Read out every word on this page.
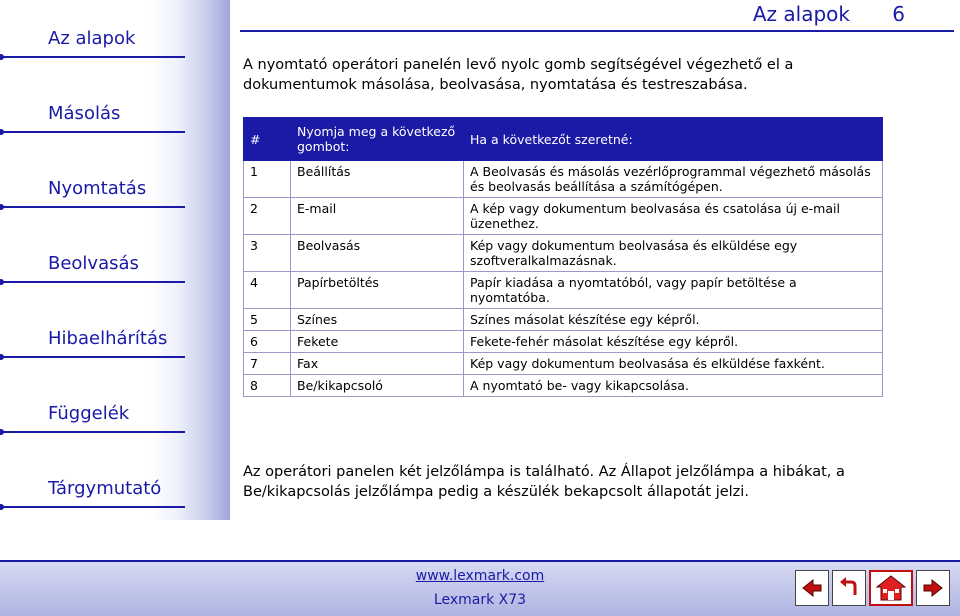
Az alapok
Másolás
Nyomtatás
Beolvasás
Hibaelhárítás
Függelék
Tárgymutató
Az alapok 6

A nyomtató operátori panelén levő nyolc gomb segítségével végezhető el a dokumentumok másolása, beolvasása, nyomtatása és testreszabása.

#	Nyomja meg a következő gombot:	Ha a következőt szeretné:
1	Beállítás	A Beolvasás és másolás vezérlőprogrammal végezhető másolás és beolvasás beállítása a számítógépen.
2	E-mail	A kép vagy dokumentum beolvasása és csatolása új e-mail üzenethez.
3	Beolvasás	Kép vagy dokumentum beolvasása és elküldése egy szoftveralkalmazásnak.
4	Papírbetöltés	Papír kiadása a nyomtatóból, vagy papír betöltése a nyomtatóba.
5	Színes	Színes másolat készítése egy képről.
6	Fekete	Fekete-fehér másolat készítése egy képről.
7	Fax	Kép vagy dokumentum beolvasása és elküldése faxként.
8	Be/kikapcsoló	A nyomtató be- vagy kikapcsolása.

Az operátori panelen két jelzőlámpa is található. Az Állapot jelzőlámpa a hibákat, a Be/kikapcsolás jelzőlámpa pedig a készülék bekapcsolt állapotát jelzi.

www.lexmark.com
Lexmark X73
